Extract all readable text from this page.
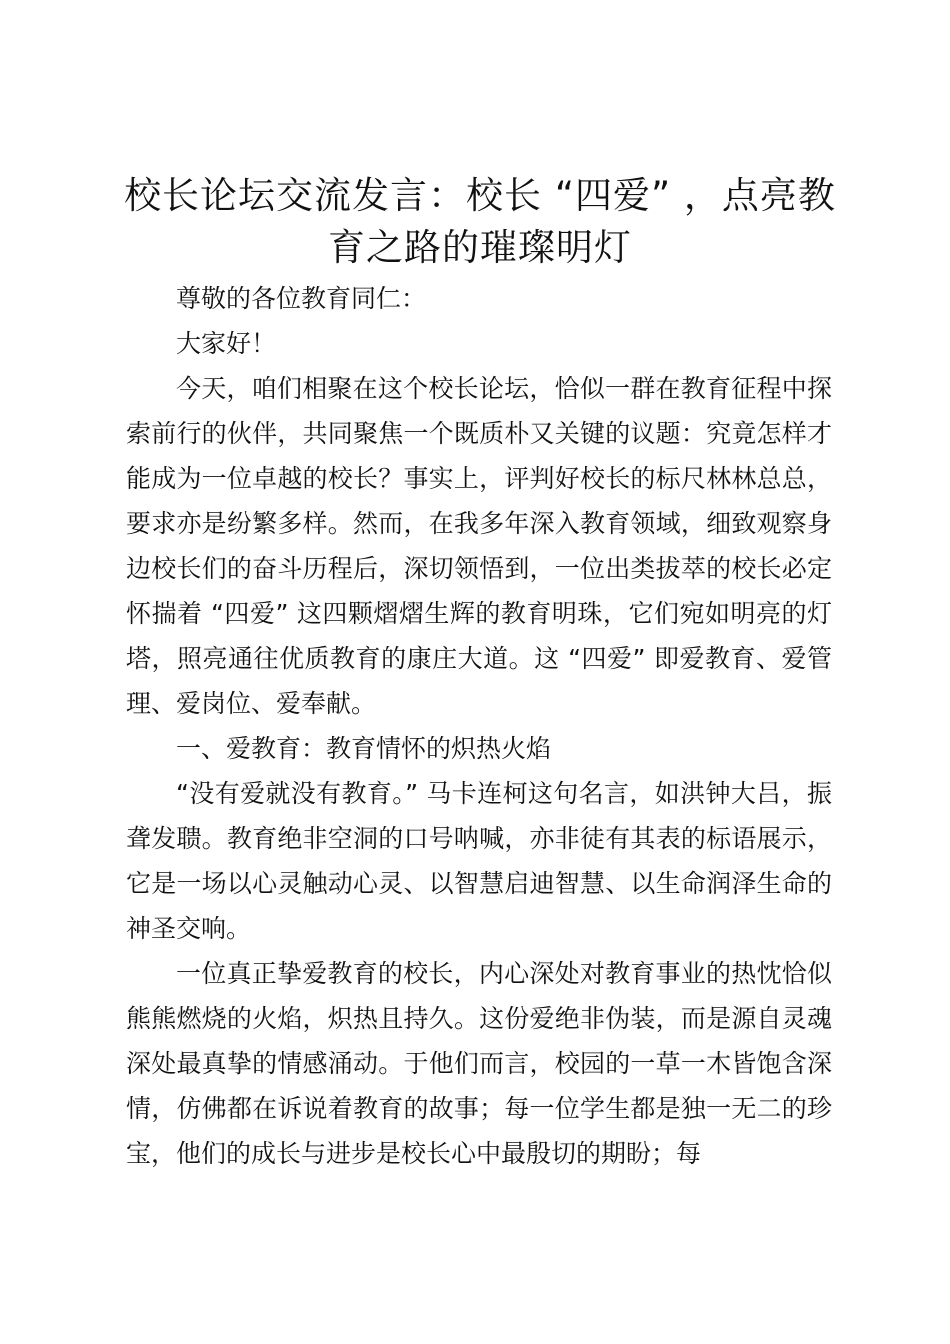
校长论坛交流发言：校长 “四爱” ，点亮教育之路的璀璨明灯

尊敬的各位教育同仁：

大家好！

今天，咱们相聚在这个校长论坛，恰似一群在教育征程中探索前行的伙伴，共同聚焦一个既质朴又关键的议题：究竟怎样才能成为一位卓越的校长？事实上，评判好校长的标尺林林总总，要求亦是纷繁多样。然而，在我多年深入教育领域，细致观察身边校长们的奋斗历程后，深切领悟到，一位出类拔萃的校长必定怀揣着 “四爱” 这四颗熠熠生辉的教育明珠，它们宛如明亮的灯塔，照亮通往优质教育的康庄大道。这 “四爱” 即爱教育、爱管理、爱岗位、爱奉献。

一、爱教育：教育情怀的炽热火焰

“没有爱就没有教育。” 马卡连柯这句名言，如洪钟大吕，振聋发聩。教育绝非空洞的口号呐喊，亦非徒有其表的标语展示，它是一场以心灵触动心灵、以智慧启迪智慧、以生命润泽生命的神圣交响。

一位真正挚爱教育的校长，内心深处对教育事业的热忱恰似熊熊燃烧的火焰，炽热且持久。这份爱绝非伪装，而是源自灵魂深处最真挚的情感涌动。于他们而言，校园的一草一木皆饱含深情，仿佛都在诉说着教育的故事；每一位学生都是独一无二的珍宝，他们的成长与进步是校长心中最殷切的期盼；每
